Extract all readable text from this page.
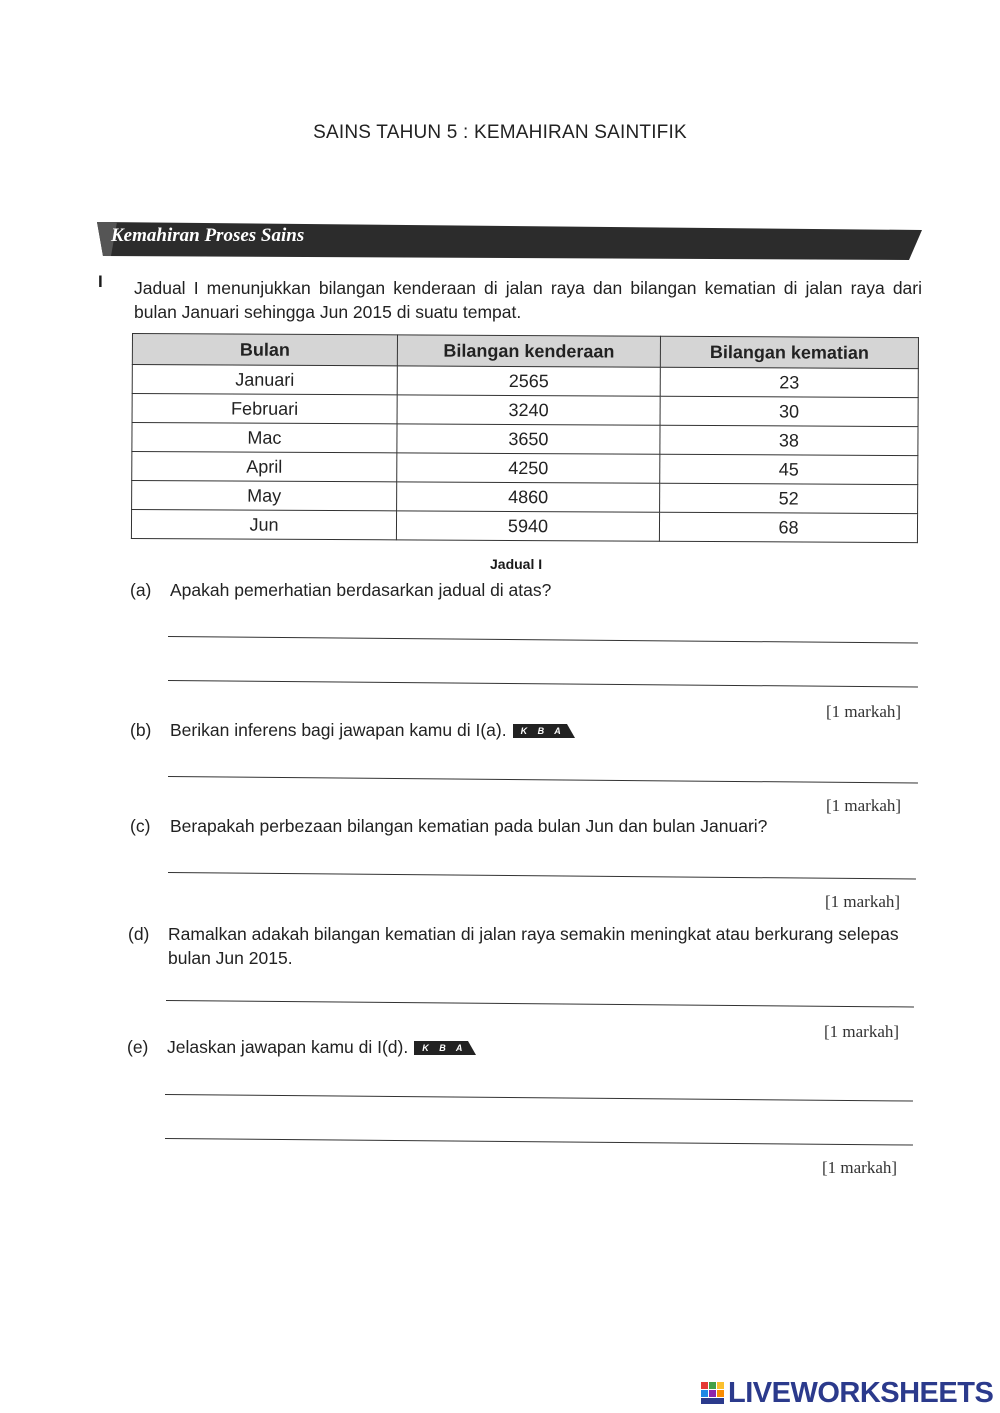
SAINS TAHUN 5 : KEMAHIRAN SAINTIFIK
Kemahiran Proses Sains
I Jadual I menunjukkan bilangan kenderaan di jalan raya dan bilangan kematian di jalan raya dari bulan Januari sehingga Jun 2015 di suatu tempat.
Bulan	Bilangan kenderaan	Bilangan kematian
Januari	2565	23
Februari	3240	30
Mac	3650	38
April	4250	45
May	4860	52
Jun	5940	68
Jadual I
(a) Apakah pemerhatian berdasarkan jadual di atas?
[1 markah]
(b) Berikan inferens bagi jawapan kamu di I(a). K B A T
[1 markah]
(c) Berapakah perbezaan bilangan kematian pada bulan Jun dan bulan Januari?
[1 markah]
(d)	Ramalkan adakah bilangan kematian di jalan raya semakin meningkat atau berkurang selepas bulan Jun 2015.
[1 markah]
(e) Jelaskan jawapan kamu di I(d). K B A T
[1 markah]
LIVEWORKSHEETS
